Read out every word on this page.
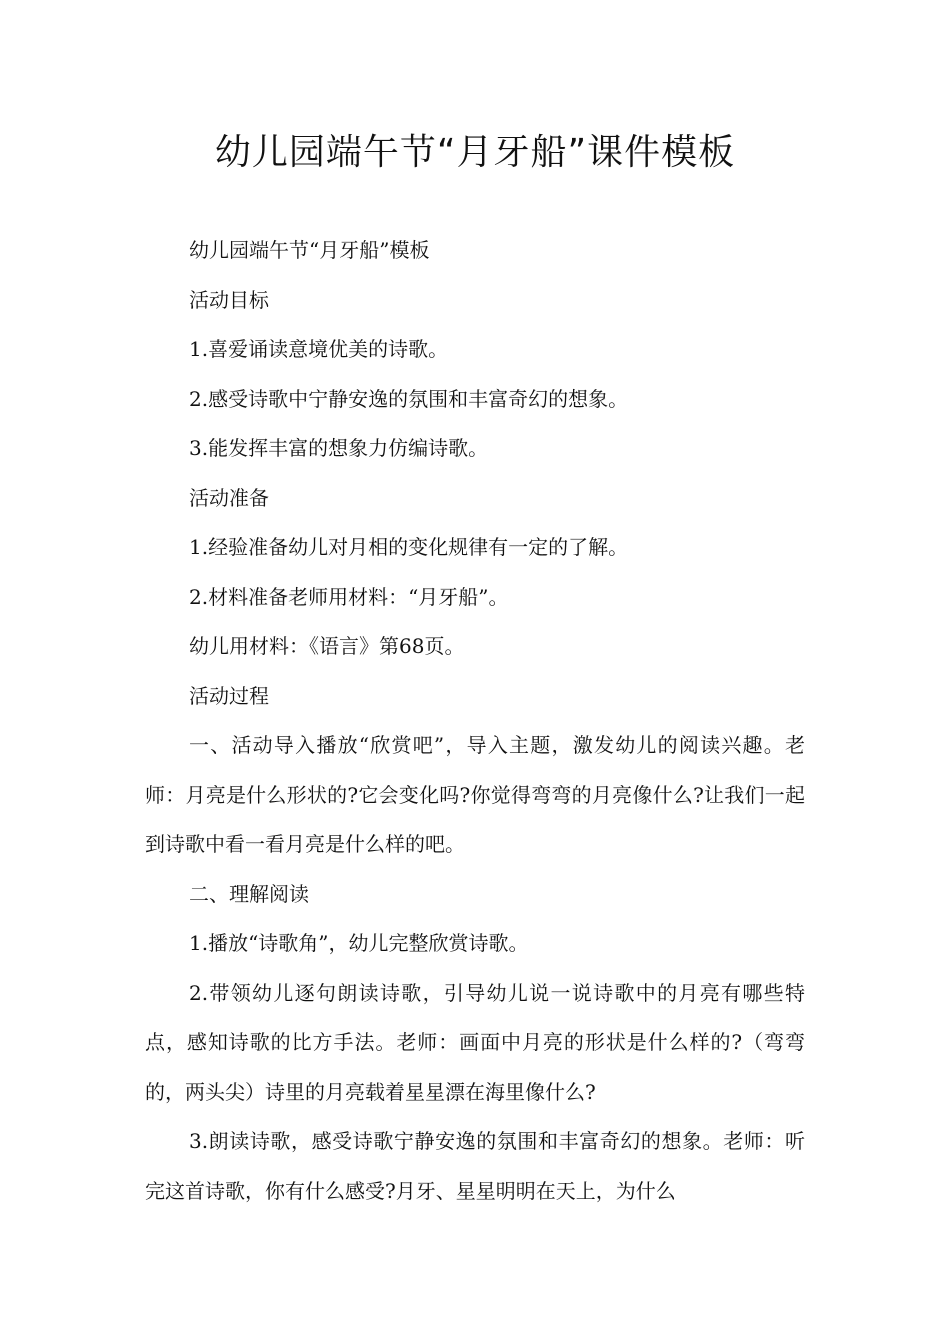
幼儿园端午节“月牙船”课件模板

幼儿园端午节“月牙船”模板

活动目标

1.喜爱诵读意境优美的诗歌。

2.感受诗歌中宁静安逸的氛围和丰富奇幻的想象。

3.能发挥丰富的想象力仿编诗歌。

活动准备

1.经验准备幼儿对月相的变化规律有一定的了解。

2.材料准备老师用材料：“月牙船”。

幼儿用材料：《语言》第68页。

活动过程

一、活动导入播放“欣赏吧”，导入主题，激发幼儿的阅读兴趣。老师：月亮是什么形状的?它会变化吗?你觉得弯弯的月亮像什么?让我们一起到诗歌中看一看月亮是什么样的吧。

二、理解阅读

1.播放“诗歌角”，幼儿完整欣赏诗歌。

2.带领幼儿逐句朗读诗歌，引导幼儿说一说诗歌中的月亮有哪些特点，感知诗歌的比方手法。老师：画面中月亮的形状是什么样的?（弯弯的，两头尖）诗里的月亮载着星星漂在海里像什么?

3.朗读诗歌，感受诗歌宁静安逸的氛围和丰富奇幻的想象。老师：听完这首诗歌，你有什么感受?月牙、星星明明在天上，为什么
